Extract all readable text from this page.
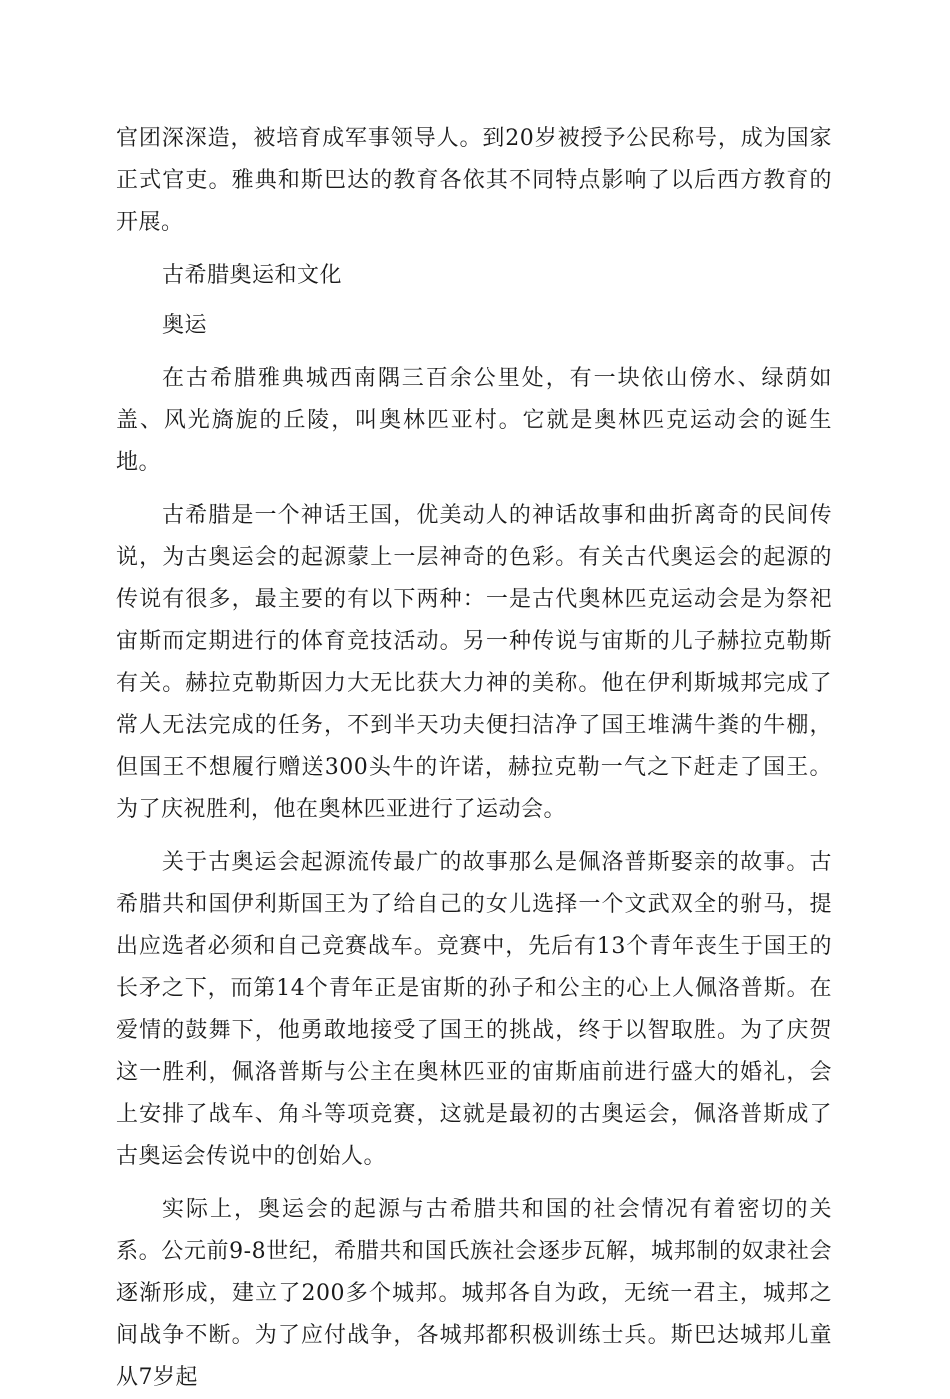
官团深深造，被培育成军事领导人。到20岁被授予公民称号，成为国家正式官吏。雅典和斯巴达的教育各依其不同特点影响了以后西方教育的开展。

古希腊奥运和文化

奥运

在古希腊雅典城西南隅三百余公里处，有一块依山傍水、绿荫如盖、风光旖旎的丘陵，叫奥林匹亚村。它就是奥林匹克运动会的诞生地。

古希腊是一个神话王国，优美动人的神话故事和曲折离奇的民间传说，为古奥运会的起源蒙上一层神奇的色彩。有关古代奥运会的起源的传说有很多，最主要的有以下两种：一是古代奥林匹克运动会是为祭祀宙斯而定期进行的体育竞技活动。另一种传说与宙斯的儿子赫拉克勒斯有关。赫拉克勒斯因力大无比获大力神的美称。他在伊利斯城邦完成了常人无法完成的任务，不到半天功夫便扫洁净了国王堆满牛粪的牛棚，但国王不想履行赠送300头牛的许诺，赫拉克勒一气之下赶走了国王。为了庆祝胜利，他在奥林匹亚进行了运动会。

关于古奥运会起源流传最广的故事那么是佩洛普斯娶亲的故事。古希腊共和国伊利斯国王为了给自己的女儿选择一个文武双全的驸马，提出应选者必须和自己竞赛战车。竞赛中，先后有13个青年丧生于国王的长矛之下，而第14个青年正是宙斯的孙子和公主的心上人佩洛普斯。在爱情的鼓舞下，他勇敢地接受了国王的挑战，终于以智取胜。为了庆贺这一胜利，佩洛普斯与公主在奥林匹亚的宙斯庙前进行盛大的婚礼，会上安排了战车、角斗等项竞赛，这就是最初的古奥运会，佩洛普斯成了古奥运会传说中的创始人。

实际上，奥运会的起源与古希腊共和国的社会情况有着密切的关系。公元前9-8世纪，希腊共和国氏族社会逐步瓦解，城邦制的奴隶社会逐渐形成，建立了200多个城邦。城邦各自为政，无统一君主，城邦之间战争不断。为了应付战争，各城邦都积极训练士兵。斯巴达城邦儿童从7岁起
